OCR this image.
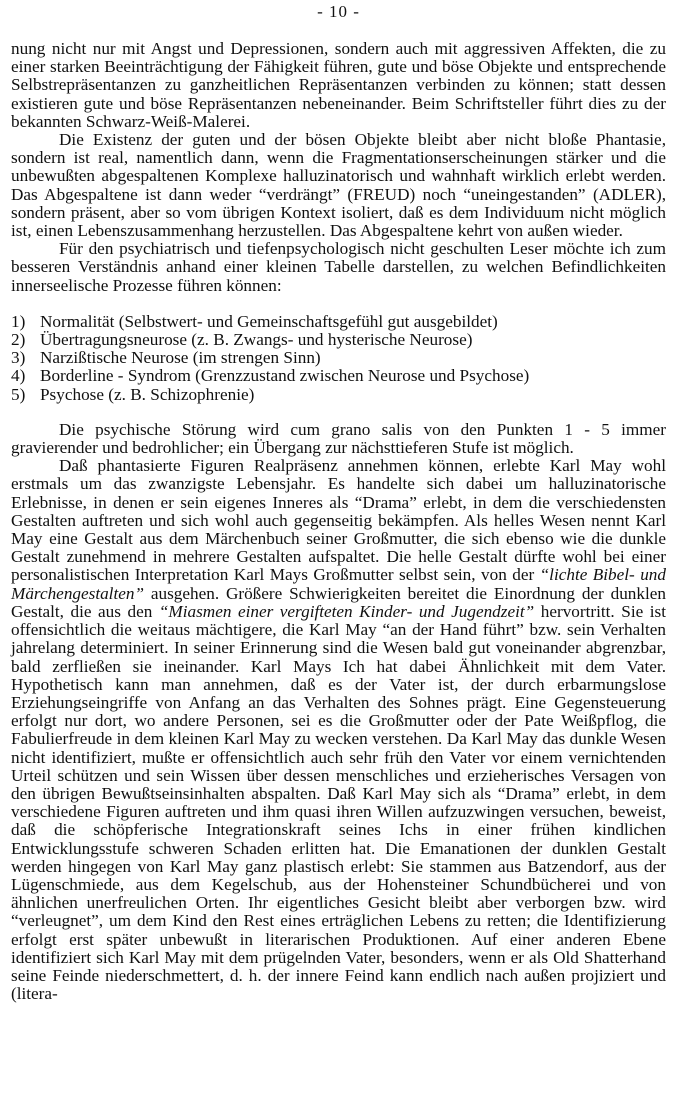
- 10 -

nung nicht nur mit Angst und Depressionen, sondern auch mit aggressiven Affekten, die zu einer starken Beeinträchtigung der Fähigkeit führen, gute und böse Objekte und entsprechende Selbstrepräsentanzen zu ganzheitlichen Repräsentanzen verbinden zu können; statt dessen existieren gute und böse Repräsentanzen nebeneinander. Beim Schriftsteller führt dies zu der bekannten Schwarz-Weiß-Malerei.

Die Existenz der guten und der bösen Objekte bleibt aber nicht bloße Phantasie, sondern ist real, namentlich dann, wenn die Fragmentationserscheinungen stärker und die unbewußten abgespaltenen Komplexe halluzinatorisch und wahnhaft wirklich erlebt werden. Das Abgespaltene ist dann weder “verdrängt” (FREUD) noch “uneingestanden” (ADLER), sondern präsent, aber so vom übrigen Kontext isoliert, daß es dem Individuum nicht möglich ist, einen Lebenszusammenhang herzustellen. Das Abgespaltene kehrt von außen wieder.

Für den psychiatrisch und tiefenpsychologisch nicht geschulten Leser möchte ich zum besseren Verständnis anhand einer kleinen Tabelle darstellen, zu welchen Befindlichkeiten innerseelische Prozesse führen können:

1) Normalität (Selbstwert- und Gemeinschaftsgefühl gut ausgebildet)
2) Übertragungsneurose (z. B. Zwangs- und hysterische Neurose)
3) Narzißtische Neurose (im strengen Sinn)
4) Borderline - Syndrom (Grenzzustand zwischen Neurose und Psychose)
5) Psychose (z. B. Schizophrenie)

Die psychische Störung wird cum grano salis von den Punkten 1 - 5 immer gravierender und bedrohlicher; ein Übergang zur nächsttieferen Stufe ist möglich.

Daß phantasierte Figuren Realpräsenz annehmen können, erlebte Karl May wohl erstmals um das zwanzigste Lebensjahr. Es handelte sich dabei um halluzinatorische Erlebnisse, in denen er sein eigenes Inneres als “Drama” erlebt, in dem die verschiedensten Gestalten auftreten und sich wohl auch gegenseitig bekämpfen. Als helles Wesen nennt Karl May eine Gestalt aus dem Märchenbuch seiner Großmutter, die sich ebenso wie die dunkle Gestalt zunehmend in mehrere Gestalten aufspaltet. Die helle Gestalt dürfte wohl bei einer personalistischen Interpretation Karl Mays Großmutter selbst sein, von der “lichte Bibel- und Märchengestalten” ausgehen. Größere Schwierigkeiten bereitet die Einordnung der dunklen Gestalt, die aus den “Miasmen einer vergifteten Kinder- und Jugendzeit” hervortritt. Sie ist offensichtlich die weitaus mächtigere, die Karl May “an der Hand führt” bzw. sein Verhalten jahrelang determiniert. In seiner Erinnerung sind die Wesen bald gut voneinander abgrenzbar, bald zerfließen sie ineinander. Karl Mays Ich hat dabei Ähnlichkeit mit dem Vater. Hypothetisch kann man annehmen, daß es der Vater ist, der durch erbarmungslose Erziehungseingriffe von Anfang an das Verhalten des Sohnes prägt. Eine Gegensteuerung erfolgt nur dort, wo andere Personen, sei es die Großmutter oder der Pate Weißpflog, die Fabulierfreude in dem kleinen Karl May zu wecken verstehen. Da Karl May das dunkle Wesen nicht identifiziert, mußte er offensichtlich auch sehr früh den Vater vor einem vernichtenden Urteil schützen und sein Wissen über dessen menschliches und erzieherisches Versagen von den übrigen Bewußtseinsinhalten abspalten. Daß Karl May sich als “Drama” erlebt, in dem verschiedene Figuren auftreten und ihm quasi ihren Willen aufzuzwingen versuchen, beweist, daß die schöpferische Integrationskraft seines Ichs in einer frühen kindlichen Entwicklungsstufe schweren Schaden erlitten hat. Die Emanationen der dunklen Gestalt werden hingegen von Karl May ganz plastisch erlebt: Sie stammen aus Batzendorf, aus der Lügenschmiede, aus dem Kegelschub, aus der Hohensteiner Schundbücherei und von ähnlichen unerfreulichen Orten. Ihr eigentliches Gesicht bleibt aber verborgen bzw. wird “verleugnet”, um dem Kind den Rest eines erträglichen Lebens zu retten; die Identifizierung erfolgt erst später unbewußt in literarischen Produktionen. Auf einer anderen Ebene identifiziert sich Karl May mit dem prügelnden Vater, besonders, wenn er als Old Shatterhand seine Feinde niederschmettert, d. h. der innere Feind kann endlich nach außen projiziert und (litera-
